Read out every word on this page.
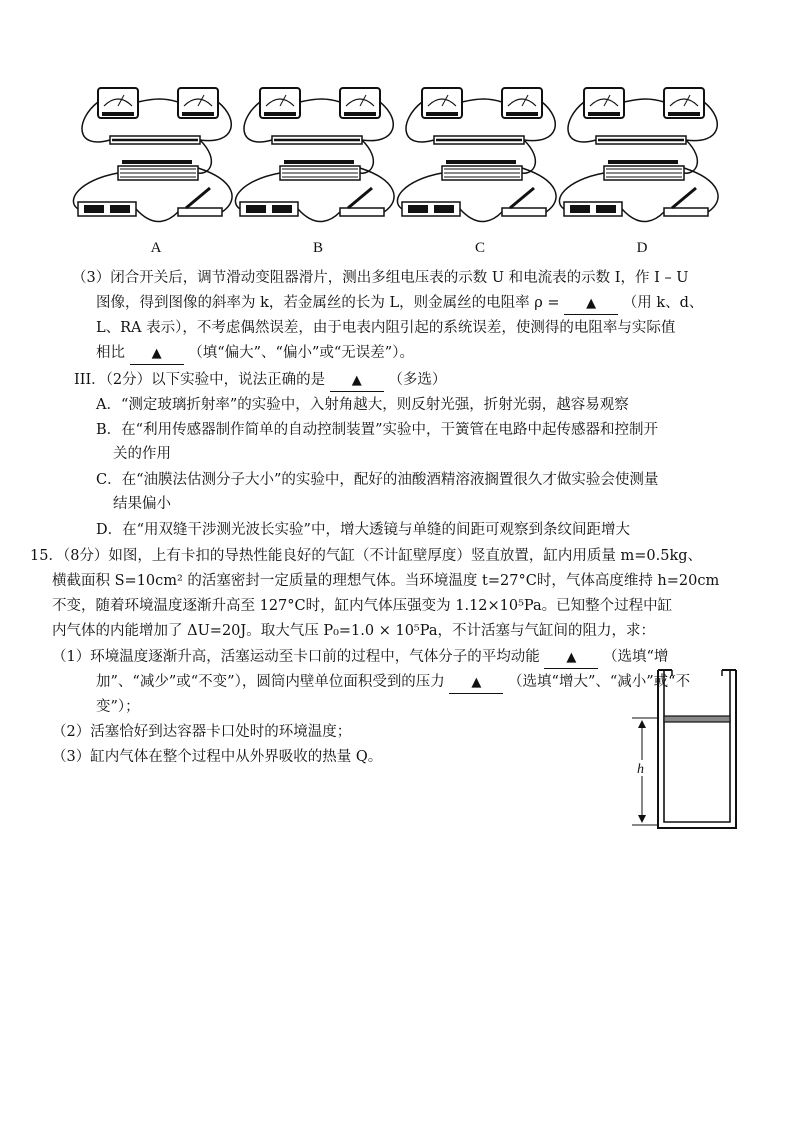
A	B	C	D
（3）闭合开关后，调节滑动变阻器滑片，测出多组电压表的示数 U 和电流表的示数 I，作 I – U
图像，得到图像的斜率为 k，若金属丝的长为 L，则金属丝的电阻率 ρ = ▲ （用 k、d、
L、RA 表示），不考虑偶然误差，由于电表内阻引起的系统误差，使测得的电阻率与实际值
相比 ▲ （填“偏大”、“偏小”或“无误差”）。
III．（2分）以下实验中，说法正确的是 ▲ （多选）
A．“测定玻璃折射率”的实验中，入射角越大，则反射光强，折射光弱，越容易观察
B．在“利用传感器制作简单的自动控制装置”实验中，干簧管在电路中起传感器和控制开
关的作用
C．在“油膜法估测分子大小”的实验中，配好的油酸酒精溶液搁置很久才做实验会使测量
结果偏小
D．在“用双缝干涉测光波长实验”中，增大透镜与单缝的间距可观察到条纹间距增大
15．（8分）如图，上有卡扣的导热性能良好的气缸（不计缸壁厚度）竖直放置，缸内用质量 m=0.5kg、
横截面积 S=10cm² 的活塞密封一定质量的理想气体。当环境温度 t=27°C时，气体高度维持 h=20cm
不变，随着环境温度逐渐升高至 127°C时，缸内气体压强变为 1.12×10⁵Pa。已知整个过程中缸
内气体的内能增加了 ΔU=20J。取大气压 P₀=1.0 × 10⁵Pa，不计活塞与气缸间的阻力，求：
（1）环境温度逐渐升高，活塞运动至卡口前的过程中，气体分子的平均动能 ▲ （选填“增
加”、“减少”或“不变”），圆筒内壁单位面积受到的压力 ▲ （选填“增大”、“减小”或“不
变”）；
（2）活塞恰好到达容器卡口处时的环境温度；
（3）缸内气体在整个过程中从外界吸收的热量 Q。
h
